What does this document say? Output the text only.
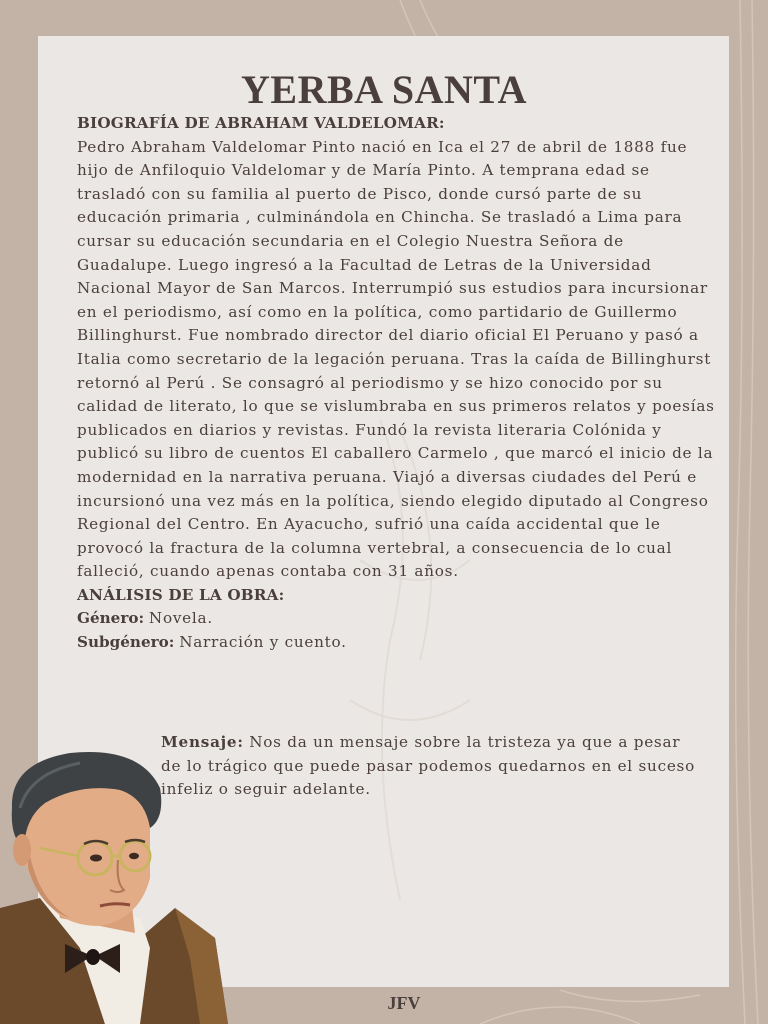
YERBA SANTA
BIOGRAFÍA DE ABRAHAM VALDELOMAR:
Pedro Abraham Valdelomar Pinto nació en Ica el 27 de abril de 1888 fue hijo de Anfiloquio Valdelomar y de María Pinto. A temprana edad se trasladó con su familia al puerto de Pisco, donde cursó parte de su educación primaria , culminándola en Chincha. Se trasladó a Lima para cursar su educación secundaria en el Colegio Nuestra Señora de Guadalupe. Luego ingresó a la Facultad de Letras de la Universidad Nacional Mayor de San Marcos. Interrumpió sus estudios para incursionar en el periodismo, así como en la política, como partidario de Guillermo Billinghurst. Fue nombrado director del diario oficial El Peruano y pasó a Italia como secretario de la legación peruana. Tras la caída de Billinghurst retornó al Perú . Se consagró al periodismo y se hizo conocido por su calidad de literato, lo que se vislumbraba en sus primeros relatos y poesías publicados en diarios y revistas. Fundó la revista literaria Colónida y publicó su libro de cuentos El caballero Carmelo , que marcó el inicio de la modernidad en la narrativa peruana. Viajó a diversas ciudades del Perú e incursionó una vez más en la política, siendo elegido diputado al Congreso Regional del Centro. En Ayacucho, sufrió una caída accidental que le provocó la fractura de la columna vertebral, a consecuencia de lo cual falleció, cuando apenas contaba con 31 años.
ANÁLISIS DE LA OBRA:
Género: Novela.
Subgénero: Narración y cuento.
Mensaje: Nos da un mensaje sobre la tristeza ya que a pesar de lo trágico que puede pasar podemos quedarnos en el suceso infeliz o seguir adelante.
JFV
